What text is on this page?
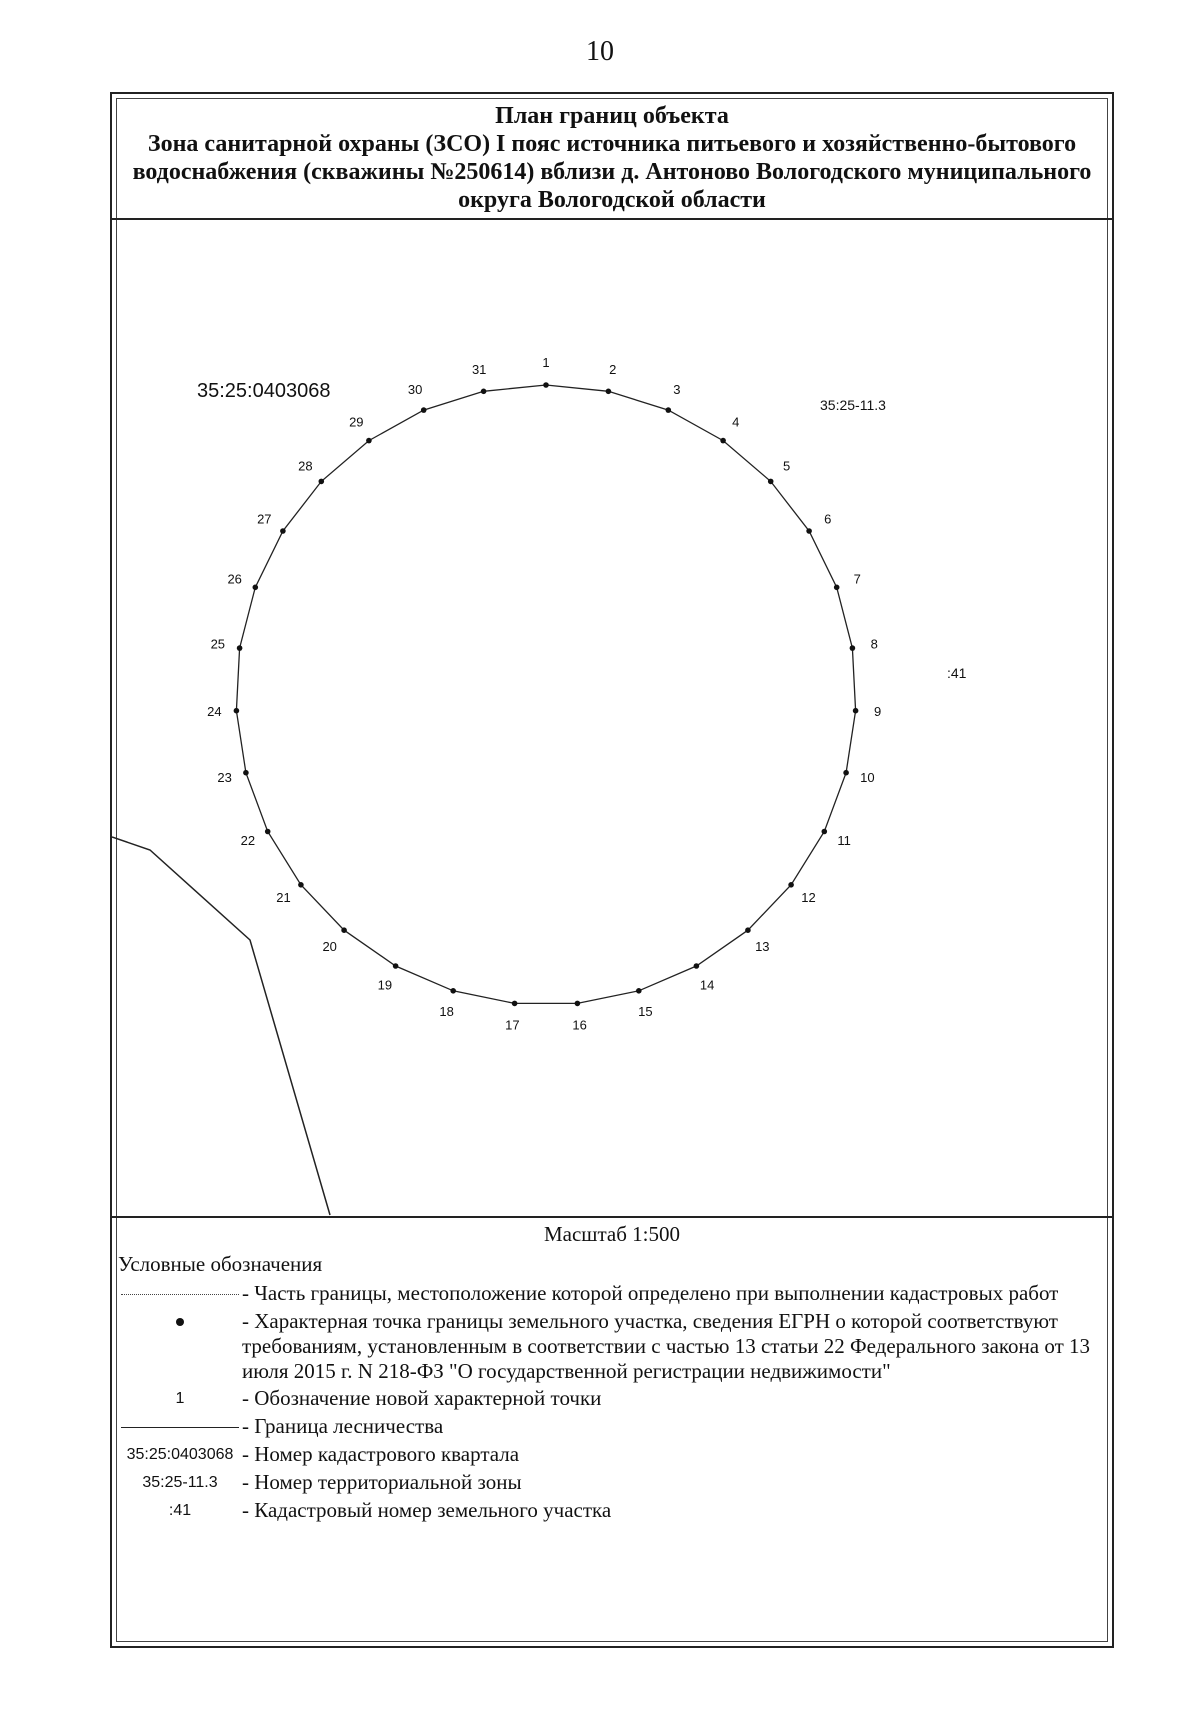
10
План границ объекта
Зона санитарной охраны (ЗСО) I пояс источника питьевого и хозяйственно-бытового водоснабжения (скважины №250614) вблизи д. Антоново Вологодского муниципального округа Вологодской области
35:25:0403068
35:25-11.3
:41
1	2
3
4
5
6
7
8
9
10
11
12
13
14
15
16
17
18
19
20
21
22
23
24
25
26
27
28
29
30
31
Масштаб 1:500
Условные обозначения
- Часть границы, местоположение которой определено при выполнении кадастровых работ
- Характерная точка границы земельного участка, сведения ЕГРН о которой соответствуют требованиям, установленным в соответствии с частью 13 статьи 22 Федерального закона от 13 июля 2015 г. N 218-ФЗ "О государственной регистрации недвижимости"
1	- Обозначение новой характерной точки
- Граница лесничества
35:25:0403068 - Номер кадастрового квартала
35:25-11.3 - Номер территориальной зоны
:41 - Кадастровый номер земельного участка
